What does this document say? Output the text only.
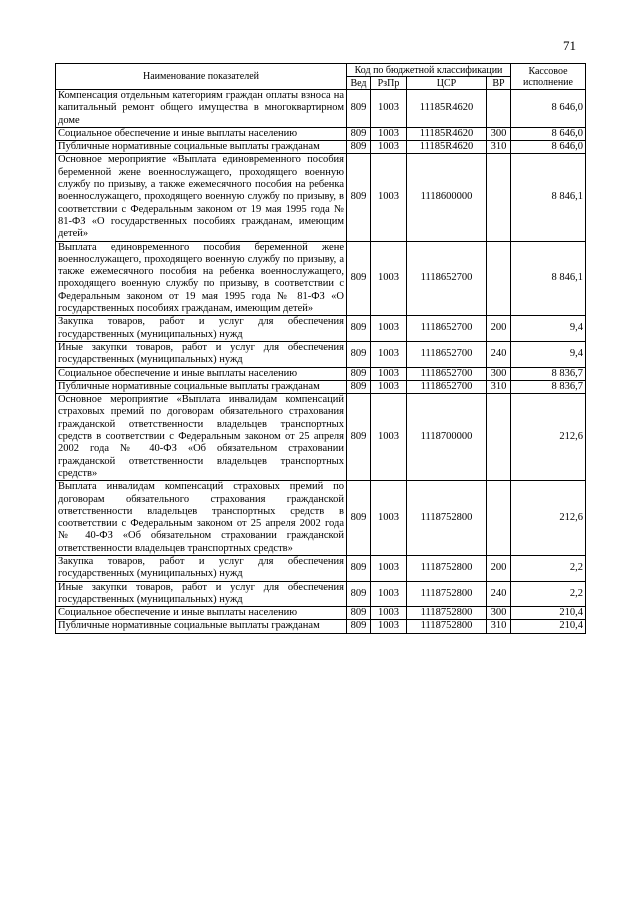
71
Наименование показателей	Код по бюджетной классификации				Кассовое исполнение
	Вед	РзПр	ЦСР	ВР	
Компенсация отдельным категориям граждан оплаты взноса на капитальный ремонт общего имущества в многоквартирном доме	809	1003	11185R4620		8 646,0
Социальное обеспечение и иные выплаты населению	809	1003	11185R4620	300	8 646,0
Публичные нормативные социальные выплаты гражданам	809	1003	11185R4620	310	8 646,0
Основное мероприятие «Выплата единовременного пособия беременной жене военнослужащего, проходящего военную службу по призыву, а также ежемесячного пособия на ребенка военнослужащего, проходящего военную службу по призыву, в соответствии с Федеральным законом от 19 мая 1995 года № 81-ФЗ «О государственных пособиях гражданам, имеющим детей»	809	1003	1118600000		8 846,1
Выплата единовременного пособия беременной жене военнослужащего, проходящего военную службу по призыву, а также ежемесячного пособия на ребенка военнослужащего, проходящего военную службу по призыву, в соответствии с Федеральным законом от 19 мая 1995 года № 81-ФЗ «О государственных пособиях гражданам, имеющим детей»	809	1003	1118652700		8 846,1
Закупка товаров, работ и услуг для обеспечения государственных (муниципальных) нужд	809	1003	1118652700	200	9,4
Иные закупки товаров, работ и услуг для обеспечения государственных (муниципальных) нужд	809	1003	1118652700	240	9,4
Социальное обеспечение и иные выплаты населению	809	1003	1118652700	300	8 836,7
Публичные нормативные социальные выплаты гражданам	809	1003	1118652700	310	8 836,7
Основное мероприятие «Выплата инвалидам компенсаций страховых премий по договорам обязательного страхования гражданской ответственности владельцев транспортных средств в соответствии с Федеральным законом от 25 апреля 2002 года № 40-ФЗ «Об обязательном страховании гражданской ответственности владельцев транспортных средств»	809	1003	1118700000		212,6
Выплата инвалидам компенсаций страховых премий по договорам обязательного страхования гражданской ответственности владельцев транспортных средств в соответствии с Федеральным законом от 25 апреля 2002 года № 40-ФЗ «Об обязательном страховании гражданской ответственности владельцев транспортных средств»	809	1003	1118752800		212,6
Закупка товаров, работ и услуг для обеспечения государственных (муниципальных) нужд	809	1003	1118752800	200	2,2
Иные закупки товаров, работ и услуг для обеспечения государственных (муниципальных) нужд	809	1003	1118752800	240	2,2
Социальное обеспечение и иные выплаты населению	809	1003	1118752800	300	210,4
Публичные нормативные социальные выплаты гражданам	809	1003	1118752800	310	210,4
